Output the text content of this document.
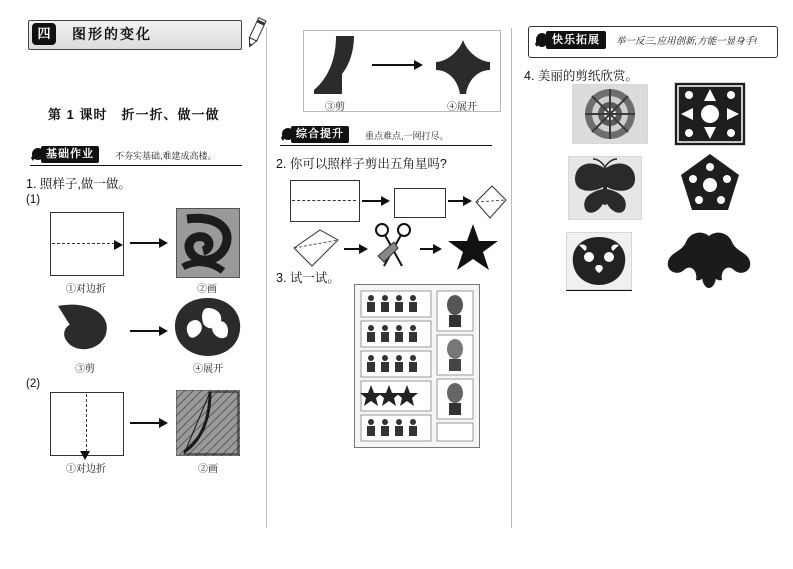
四	图形的变化
第 1 课时　折一折、做一做
基础作业	不夯实基础,难建成高楼。
1. 照样子,做一做。
(1)
①对边折	②画
③剪	④展开
(2)
①对边折	②画
③剪	④展开
综合提升	重点难点,一网打尽。
2. 你可以照样子剪出五角星吗?
3. 试一试。
快乐拓展	举一反三,应用创新,方能一显身手!
4. 美丽的剪纸欣赏。
